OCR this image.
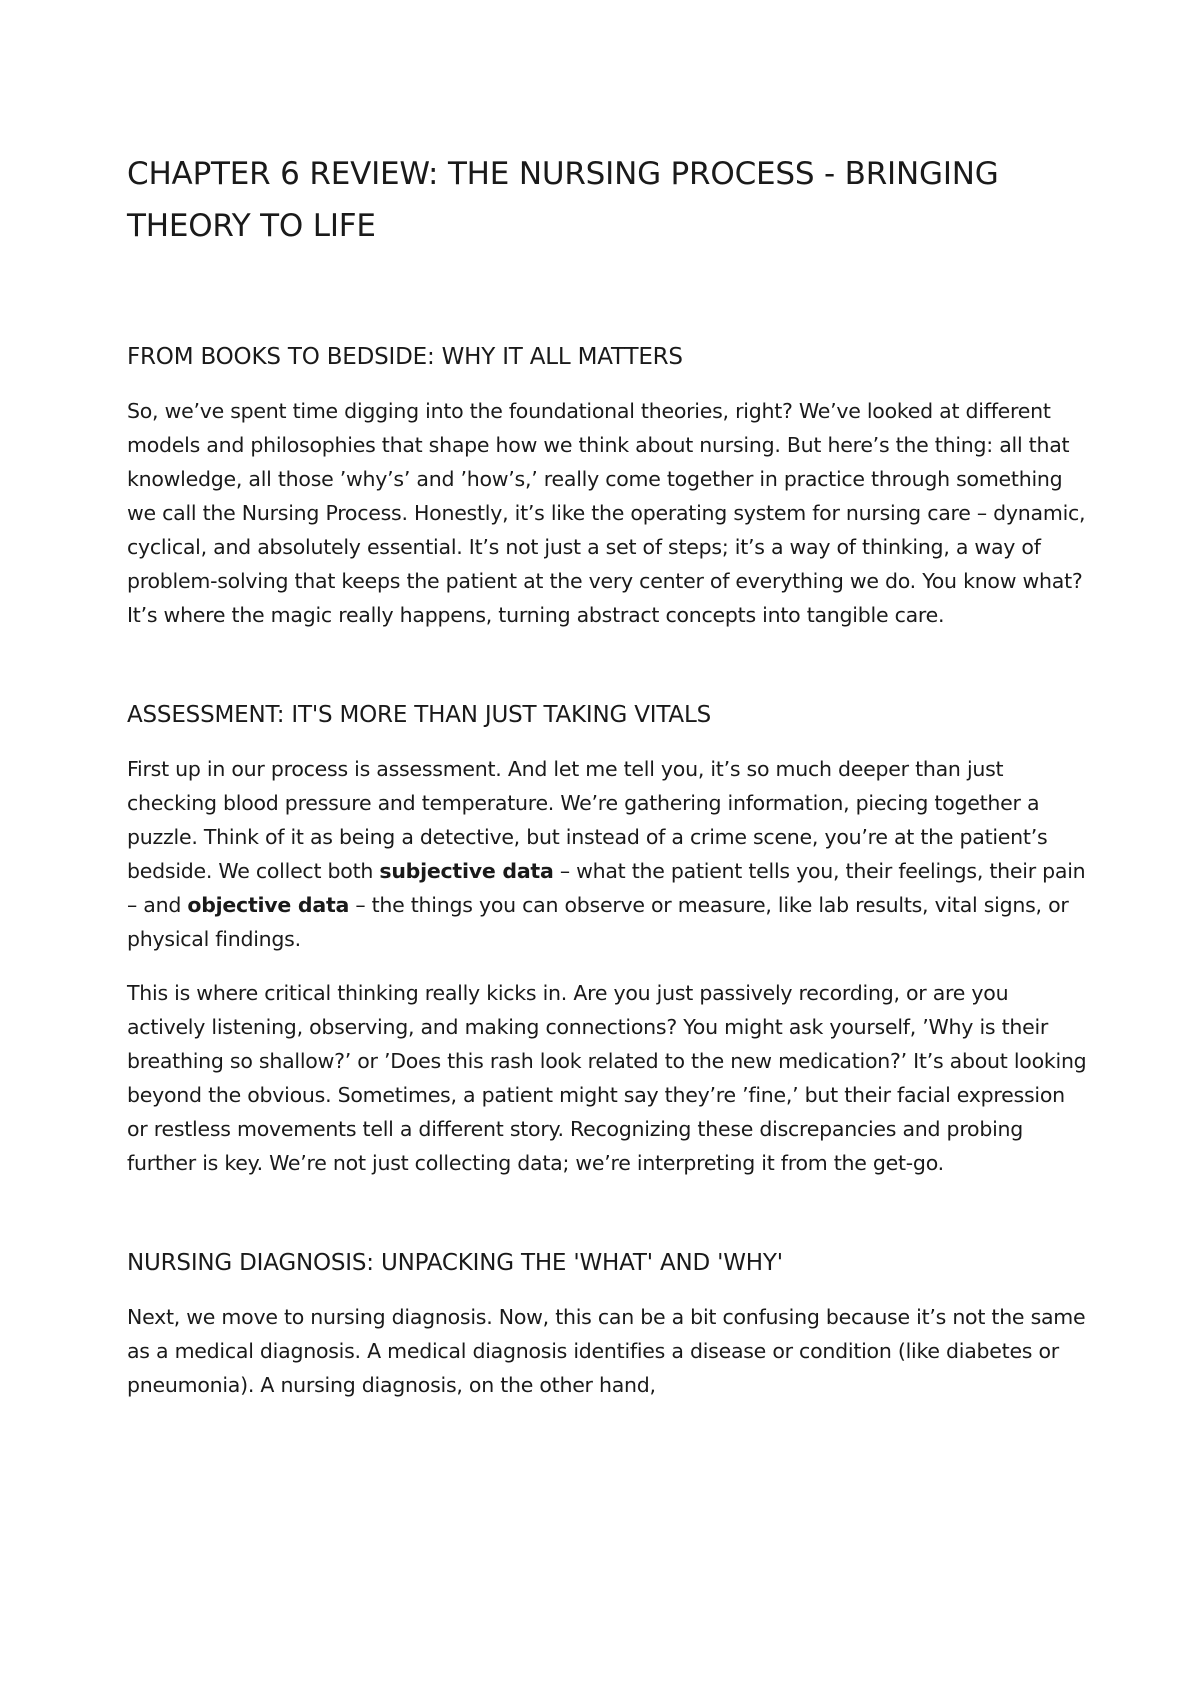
CHAPTER 6 REVIEW: THE NURSING PROCESS - BRINGING THEORY TO LIFE
FROM BOOKS TO BEDSIDE: WHY IT ALL MATTERS

So, we’ve spent time digging into the foundational theories, right? We’ve looked at different models and philosophies that shape how we think about nursing. But here’s the thing: all that knowledge, all those ’why’s’ and ’how’s,’ really come together in practice through something we call the Nursing Process. Honestly, it’s like the operating system for nursing care – dynamic, cyclical, and absolutely essential. It’s not just a set of steps; it’s a way of thinking, a way of problem-solving that keeps the patient at the very center of everything we do. You know what? It’s where the magic really happens, turning abstract concepts into tangible care.

ASSESSMENT: IT'S MORE THAN JUST TAKING VITALS

First up in our process is assessment. And let me tell you, it’s so much deeper than just checking blood pressure and temperature. We’re gathering information, piecing together a puzzle. Think of it as being a detective, but instead of a crime scene, you’re at the patient’s bedside. We collect both subjective data – what the patient tells you, their feelings, their pain – and objective data – the things you can observe or measure, like lab results, vital signs, or physical findings.

This is where critical thinking really kicks in. Are you just passively recording, or are you actively listening, observing, and making connections? You might ask yourself, ’Why is their breathing so shallow?’ or ’Does this rash look related to the new medication?’ It’s about looking beyond the obvious. Sometimes, a patient might say they’re ’fine,’ but their facial expression or restless movements tell a different story. Recognizing these discrepancies and probing further is key. We’re not just collecting data; we’re interpreting it from the get-go.

NURSING DIAGNOSIS: UNPACKING THE 'WHAT' AND 'WHY'

Next, we move to nursing diagnosis. Now, this can be a bit confusing because it’s not the same as a medical diagnosis. A medical diagnosis identifies a disease or condition (like diabetes or pneumonia). A nursing diagnosis, on the other hand,
